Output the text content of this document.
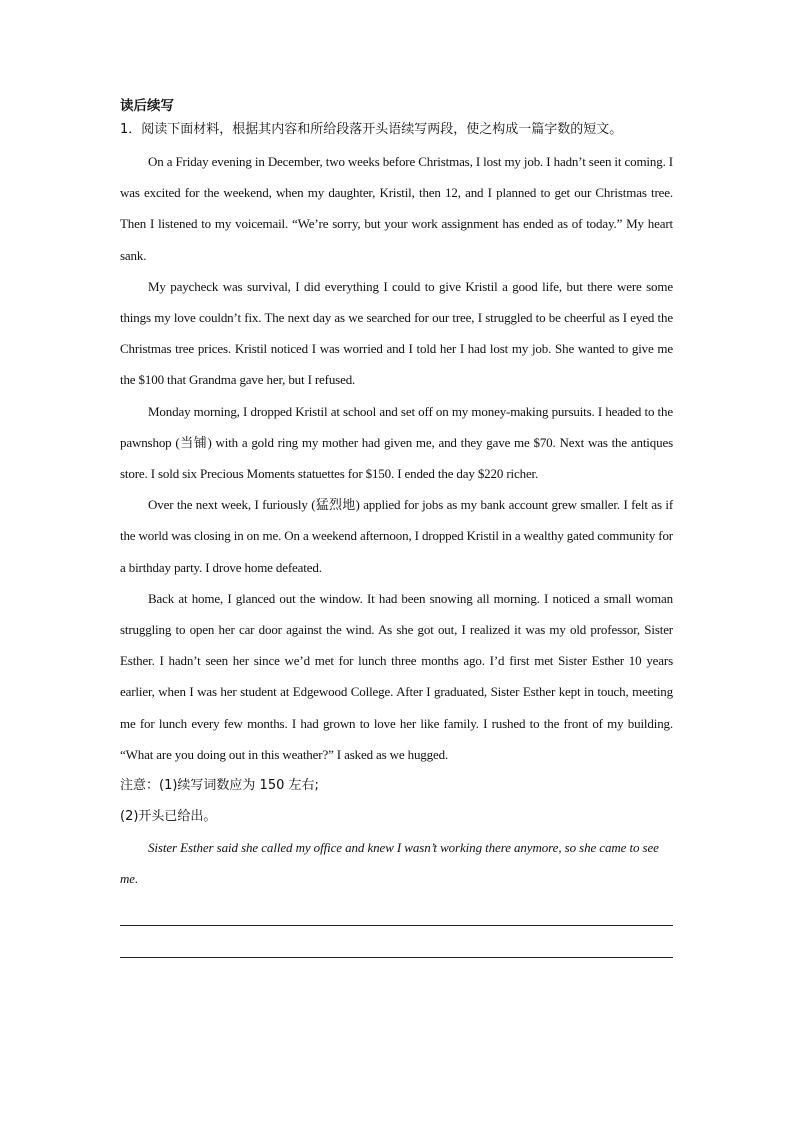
读后续写
1．阅读下面材料，根据其内容和所给段落开头语续写两段，使之构成一篇字数的短文。

On a Friday evening in December, two weeks before Christmas, I lost my job. I hadn’t seen it coming. I was excited for the weekend, when my daughter, Kristil, then 12, and I planned to get our Christmas tree. Then I listened to my voicemail. “We’re sorry, but your work assignment has ended as of today.” My heart sank.

My paycheck was survival, I did everything I could to give Kristil a good life, but there were some things my love couldn’t fix. The next day as we searched for our tree, I struggled to be cheerful as I eyed the Christmas tree prices. Kristil noticed I was worried and I told her I had lost my job. She wanted to give me the $100 that Grandma gave her, but I refused.

Monday morning, I dropped Kristil at school and set off on my money-making pursuits. I headed to the pawnshop (当铺) with a gold ring my mother had given me, and they gave me $70. Next was the antiques store. I sold six Precious Moments statuettes for $150. I ended the day $220 richer.

Over the next week, I furiously (猛烈地) applied for jobs as my bank account grew smaller. I felt as if the world was closing in on me. On a weekend afternoon, I dropped Kristil in a wealthy gated community for a birthday party. I drove home defeated.

Back at home, I glanced out the window. It had been snowing all morning. I noticed a small woman struggling to open her car door against the wind. As she got out, I realized it was my old professor, Sister Esther. I hadn’t seen her since we’d met for lunch three months ago. I’d first met Sister Esther 10 years earlier, when I was her student at Edgewood College. After I graduated, Sister Esther kept in touch, meeting me for lunch every few months. I had grown to love her like family. I rushed to the front of my building. “What are you doing out in this weather?” I asked as we hugged.

注意：(1)续写词数应为 150 左右;
(2)开头已给出。

Sister Esther said she called my office and knew I wasn’t working there anymore, so she came to see me.
